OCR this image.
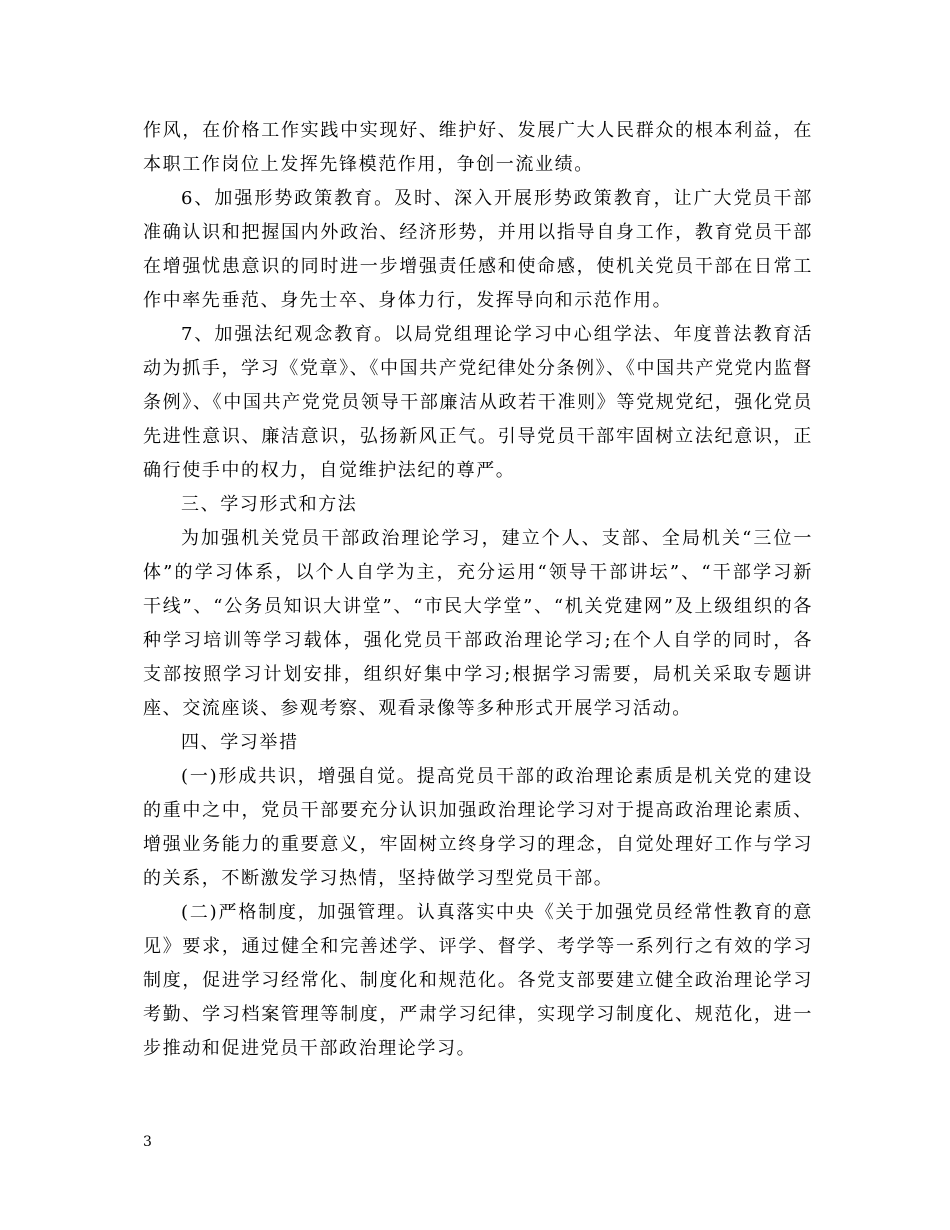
作风，在价格工作实践中实现好、维护好、发展广大人民群众的根本利益，在本职工作岗位上发挥先锋模范作用，争创一流业绩。

6、加强形势政策教育。及时、深入开展形势政策教育，让广大党员干部准确认识和把握国内外政治、经济形势，并用以指导自身工作，教育党员干部在增强忧患意识的同时进一步增强责任感和使命感，使机关党员干部在日常工作中率先垂范、身先士卒、身体力行，发挥导向和示范作用。

7、加强法纪观念教育。以局党组理论学习中心组学法、年度普法教育活动为抓手，学习《党章》、《中国共产党纪律处分条例》、《中国共产党党内监督条例》、《中国共产党党员领导干部廉洁从政若干准则》等党规党纪，强化党员先进性意识、廉洁意识，弘扬新风正气。引导党员干部牢固树立法纪意识，正确行使手中的权力，自觉维护法纪的尊严。

三、学习形式和方法

为加强机关党员干部政治理论学习，建立个人、支部、全局机关“三位一体”的学习体系，以个人自学为主，充分运用“领导干部讲坛”、“干部学习新干线”、“公务员知识大讲堂”、“市民大学堂”、“机关党建网”及上级组织的各种学习培训等学习载体，强化党员干部政治理论学习;在个人自学的同时，各支部按照学习计划安排，组织好集中学习;根据学习需要，局机关采取专题讲座、交流座谈、参观考察、观看录像等多种形式开展学习活动。

四、学习举措

(一)形成共识，增强自觉。提高党员干部的政治理论素质是机关党的建设的重中之中，党员干部要充分认识加强政治理论学习对于提高政治理论素质、增强业务能力的重要意义，牢固树立终身学习的理念，自觉处理好工作与学习的关系，不断激发学习热情，坚持做学习型党员干部。

(二)严格制度，加强管理。认真落实中央《关于加强党员经常性教育的意见》要求，通过健全和完善述学、评学、督学、考学等一系列行之有效的学习制度，促进学习经常化、制度化和规范化。各党支部要建立健全政治理论学习考勤、学习档案管理等制度，严肃学习纪律，实现学习制度化、规范化，进一步推动和促进党员干部政治理论学习。

3
